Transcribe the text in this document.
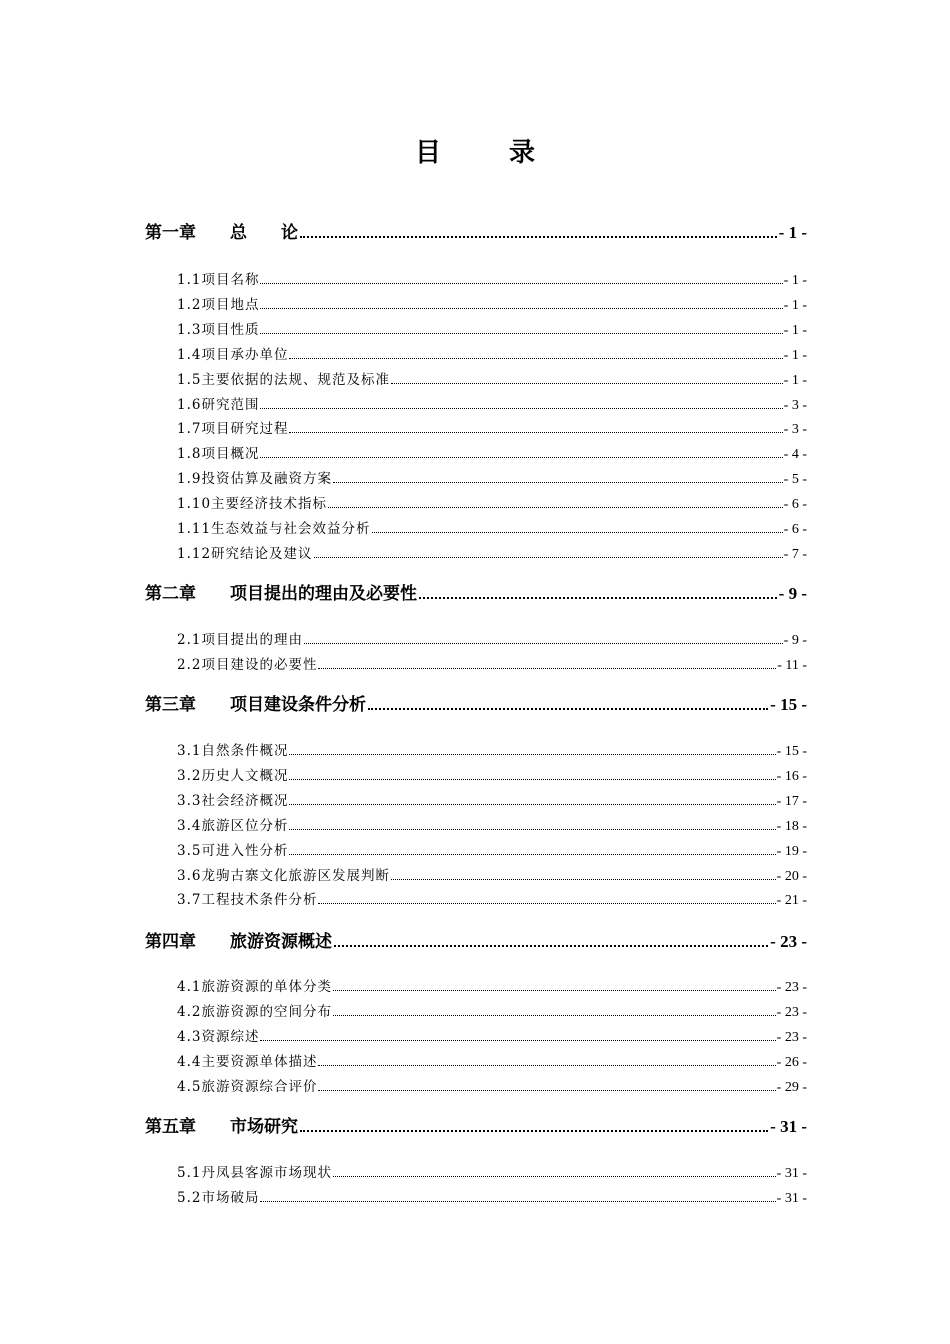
目	录
第一章	总　　论	- 1 -
1.1项目名称	- 1 -
1.2项目地点	- 1 -
1.3项目性质	- 1 -
1.4项目承办单位	- 1 -
1.5主要依据的法规、规范及标准	- 1 -
1.6研究范围	- 3 -
1.7项目研究过程	- 3 -
1.8项目概况	- 4 -
1.9投资估算及融资方案	- 5 -
1.10主要经济技术指标	- 6 -
1.11生态效益与社会效益分析	- 6 -
1.12研究结论及建议	- 7 -
第二章	项目提出的理由及必要性	- 9 -
2.1项目提出的理由	- 9 -
2.2项目建设的必要性	- 11 -
第三章	项目建设条件分析	- 15 -
3.1自然条件概况	- 15 -
3.2历史人文概况	- 16 -
3.3社会经济概况	- 17 -
3.4旅游区位分析	- 18 -
3.5可进入性分析	- 19 -
3.6龙驹古寨文化旅游区发展判断	- 20 -
3.7工程技术条件分析	- 21 -
第四章	旅游资源概述	- 23 -
4.1旅游资源的单体分类	- 23 -
4.2旅游资源的空间分布	- 23 -
4.3资源综述	- 23 -
4.4主要资源单体描述	- 26 -
4.5旅游资源综合评价	- 29 -
第五章	市场研究	- 31 -
5.1丹凤县客源市场现状	- 31 -
5.2市场破局	- 31 -
